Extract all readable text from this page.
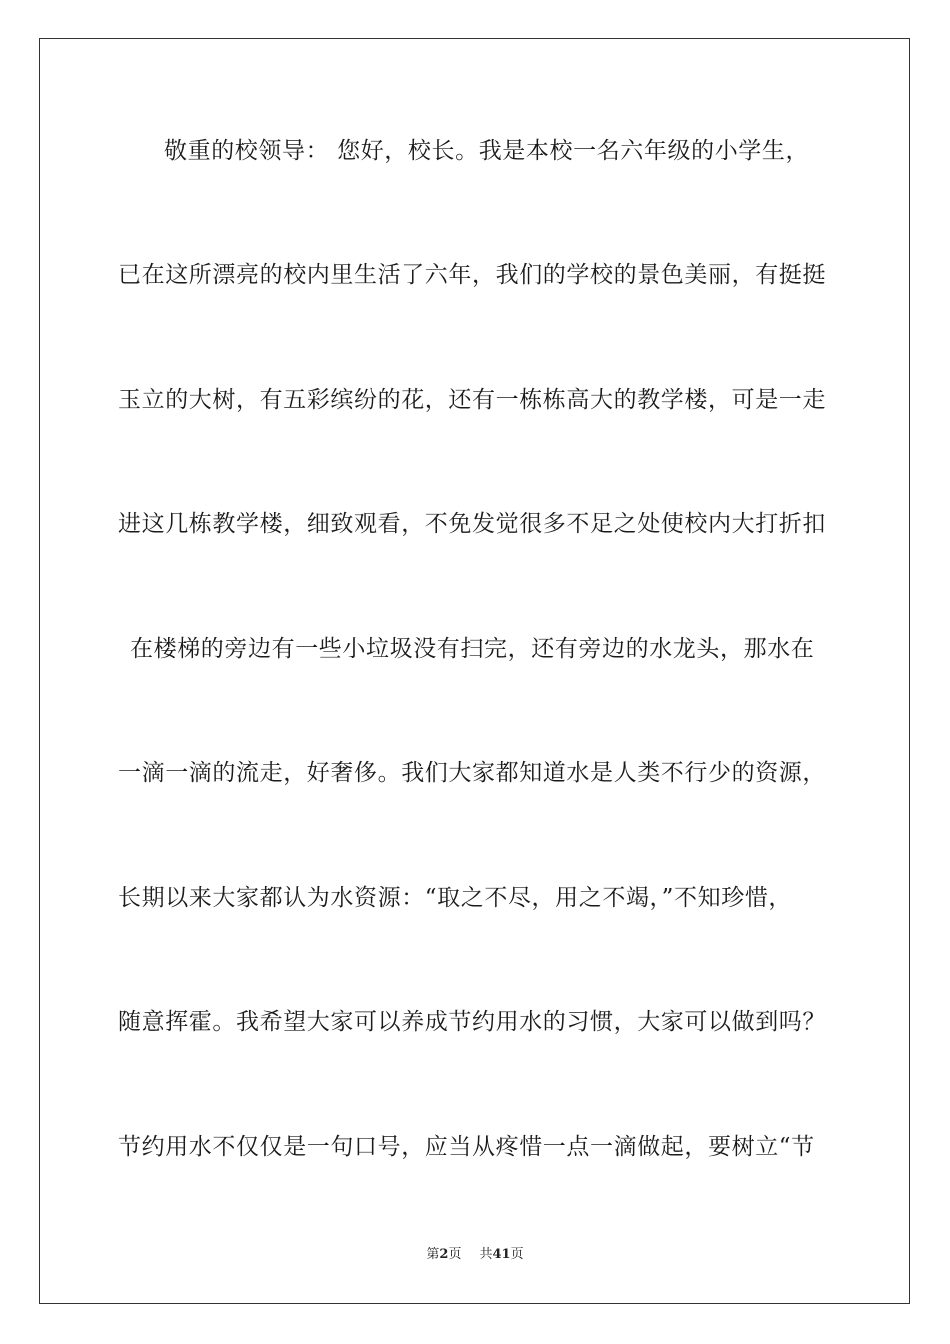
敬重的校领导： 您好，校长。我是本校一名六年级的小学生，
已在这所漂亮的校内里生活了六年，我们的学校的景色美丽，有挺挺
玉立的大树，有五彩缤纷的花，还有一栋栋高大的教学楼，可是一走
进这几栋教学楼，细致观看，不免发觉很多不足之处使校内大打折扣
在楼梯的旁边有一些小垃圾没有扫完，还有旁边的水龙头，那水在
一滴一滴的流走，好奢侈。我们大家都知道水是人类不行少的资源，
长期以来大家都认为水资源：“取之不尽，用之不竭，”不知珍惜，
随意挥霍。我希望大家可以养成节约用水的习惯，大家可以做到吗？
节约用水不仅仅是一句口号，应当从疼惜一点一滴做起，要树立“节
第2页 共41页
